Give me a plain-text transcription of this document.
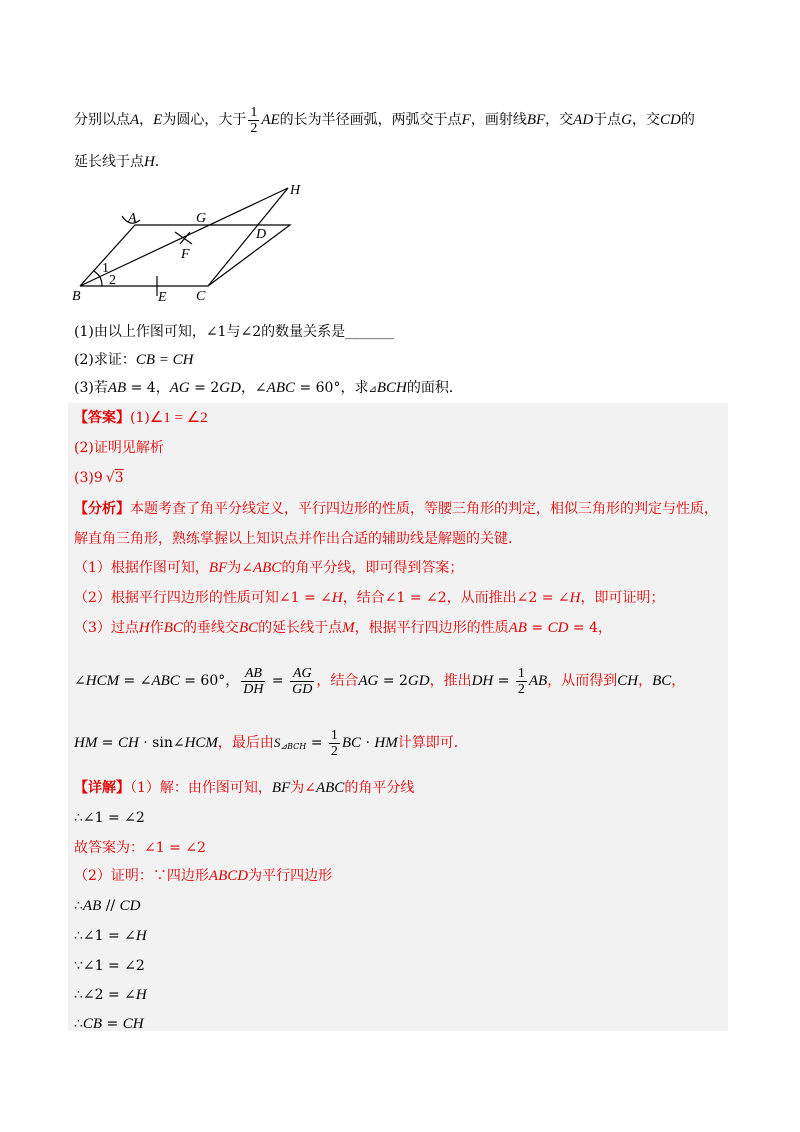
分别以点A，E为圆心，大于 $\frac{1}{2}$ AE的长为半径画弧，两弧交于点F，画射线BF，交AD于点G，交CD的
延长线于点H．
A	G
H
D
F
B	E C
1
2
(1)由以上作图可知，∠1与∠2的数量关系是_______
(2)求证：CB = CH
(3)若AB = 4，AG = 2GD，∠ABC = 60°，求⊿BCH的面积．
【答案】(1)∠1 = ∠2
(2)证明见解析
(3)9 √3
【分析】本题考查了角平分线定义，平行四边形的性质，等腰三角形的判定，相似三角形的判定与性质，
解直角三角形，熟练掌握以上知识点并作出合适的辅助线是解题的关键．
（1）根据作图可知，BF为∠ABC的角平分线，即可得到答案；
（2）根据平行四边形的性质可知∠1 = ∠H，结合∠1 = ∠2，从而推出∠2 = ∠H，即可证明；
（3）过点H作BC的垂线交BC的延长线于点M，根据平行四边形的性质AB = CD = 4，
∠HCM = ∠ABC = 60°， $\frac{AB}{DH} = \frac{AG}{GD}$ ，结合AG = 2GD，推出DH = $\frac{1}{2}$ AB，从而得到CH，BC，
HM = CH · sin∠HCM，最后由$S_{⊿BCH} = \frac{1}{2}$ BC · HM计算即可．
【详解】（1）解：由作图可知，BF为∠ABC的角平分线
∴∠1 = ∠2
故答案为：∠1 = ∠2
（2）证明：∵四边形ABCD为平行四边形
∴AB // CD
∴∠1 = ∠H
∵∠1 = ∠2
∴∠2 = ∠H
∴CB = CH
